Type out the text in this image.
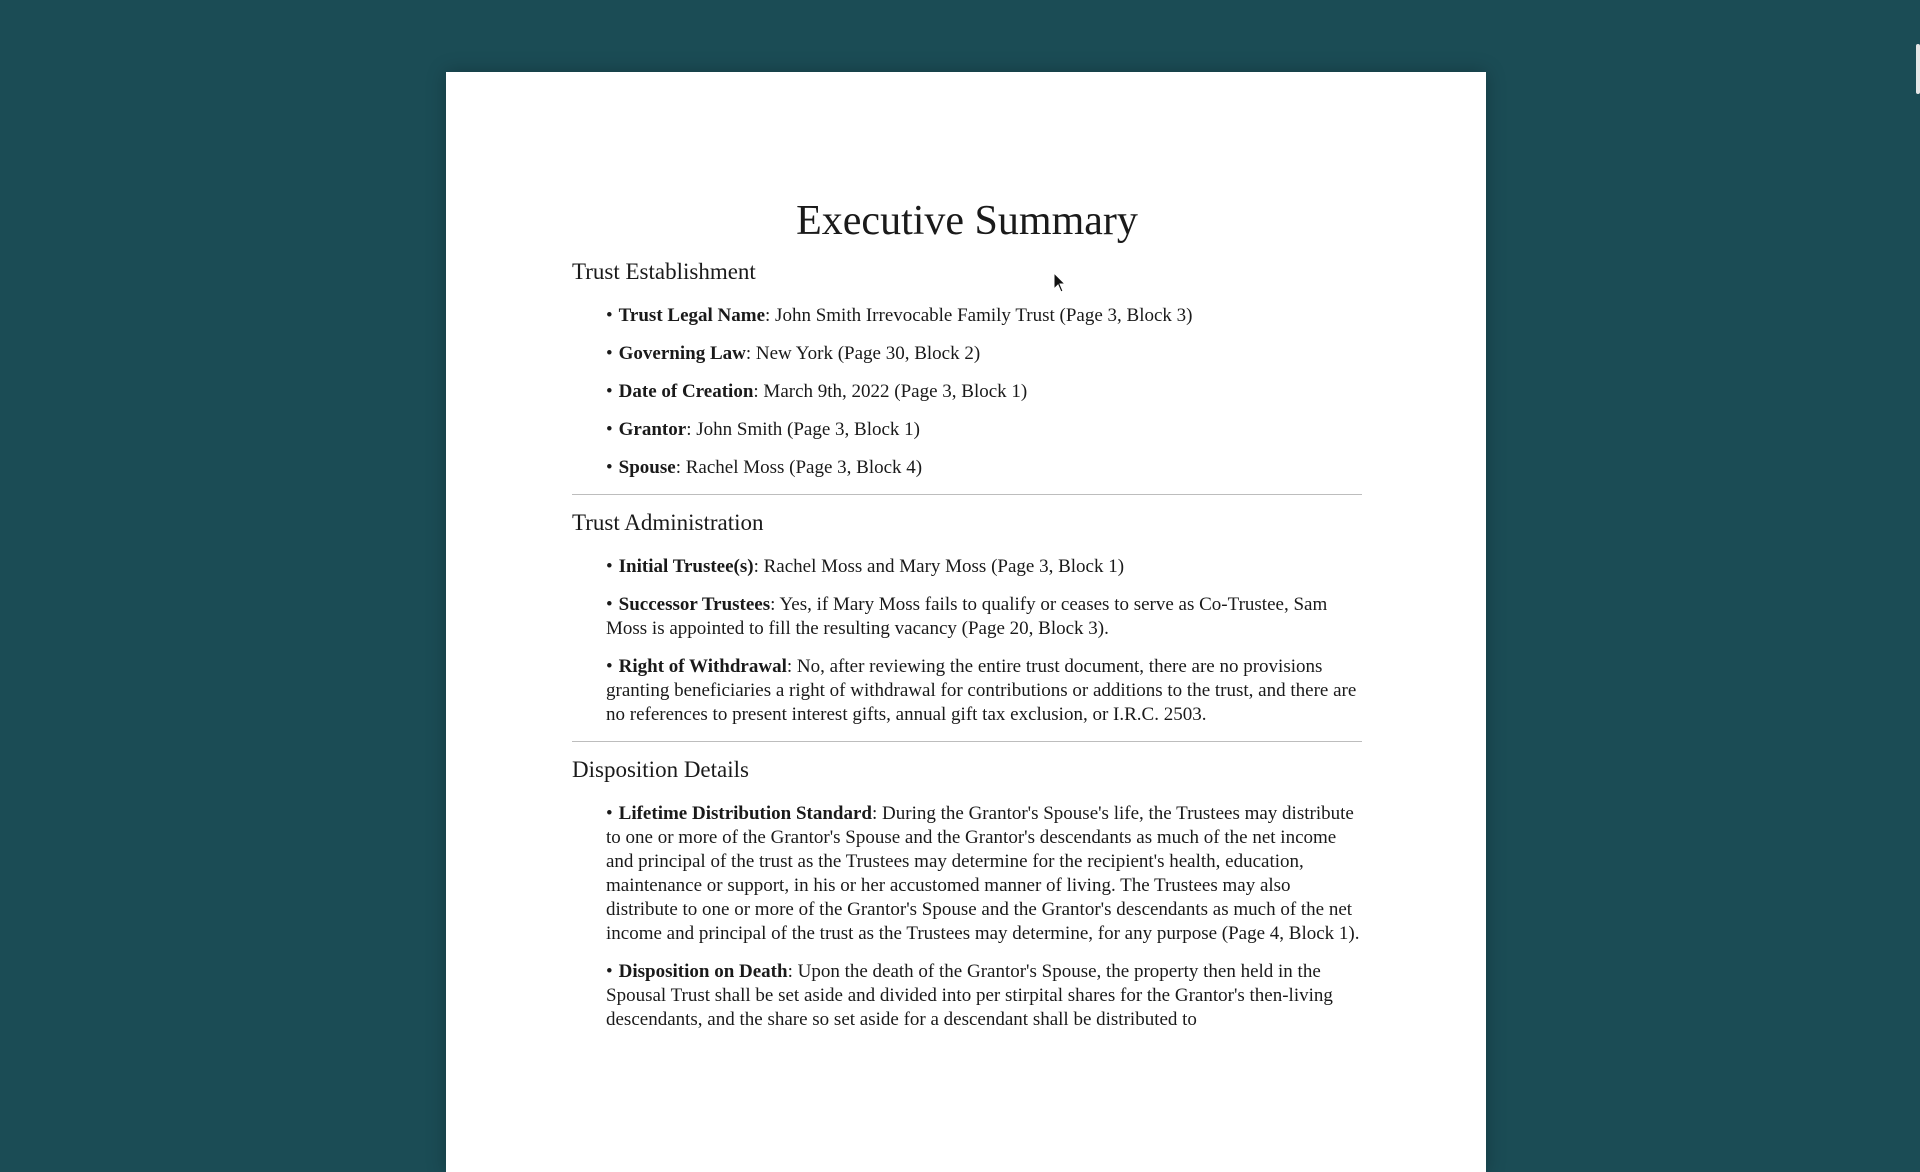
Executive Summary
Trust Establishment
• Trust Legal Name: John Smith Irrevocable Family Trust (Page 3, Block 3)
• Governing Law: New York (Page 30, Block 2)
• Date of Creation: March 9th, 2022 (Page 3, Block 1)
• Grantor: John Smith (Page 3, Block 1)
• Spouse: Rachel Moss (Page 3, Block 4)
Trust Administration
• Initial Trustee(s): Rachel Moss and Mary Moss (Page 3, Block 1)
• Successor Trustees: Yes, if Mary Moss fails to qualify or ceases to serve as Co-Trustee, Sam Moss is appointed to fill the resulting vacancy (Page 20, Block 3).
• Right of Withdrawal: No, after reviewing the entire trust document, there are no provisions granting beneficiaries a right of withdrawal for contributions or additions to the trust, and there are no references to present interest gifts, annual gift tax exclusion, or I.R.C. 2503.
Disposition Details
• Lifetime Distribution Standard: During the Grantor's Spouse's life, the Trustees may distribute to one or more of the Grantor's Spouse and the Grantor's descendants as much of the net income and principal of the trust as the Trustees may determine for the recipient's health, education, maintenance or support, in his or her accustomed manner of living. The Trustees may also distribute to one or more of the Grantor's Spouse and the Grantor's descendants as much of the net income and principal of the trust as the Trustees may determine, for any purpose (Page 4, Block 1).
• Disposition on Death: Upon the death of the Grantor's Spouse, the property then held in the Spousal Trust shall be set aside and divided into per stirpital shares for the Grantor's then-living descendants, and the share so set aside for a descendant shall be distributed to
